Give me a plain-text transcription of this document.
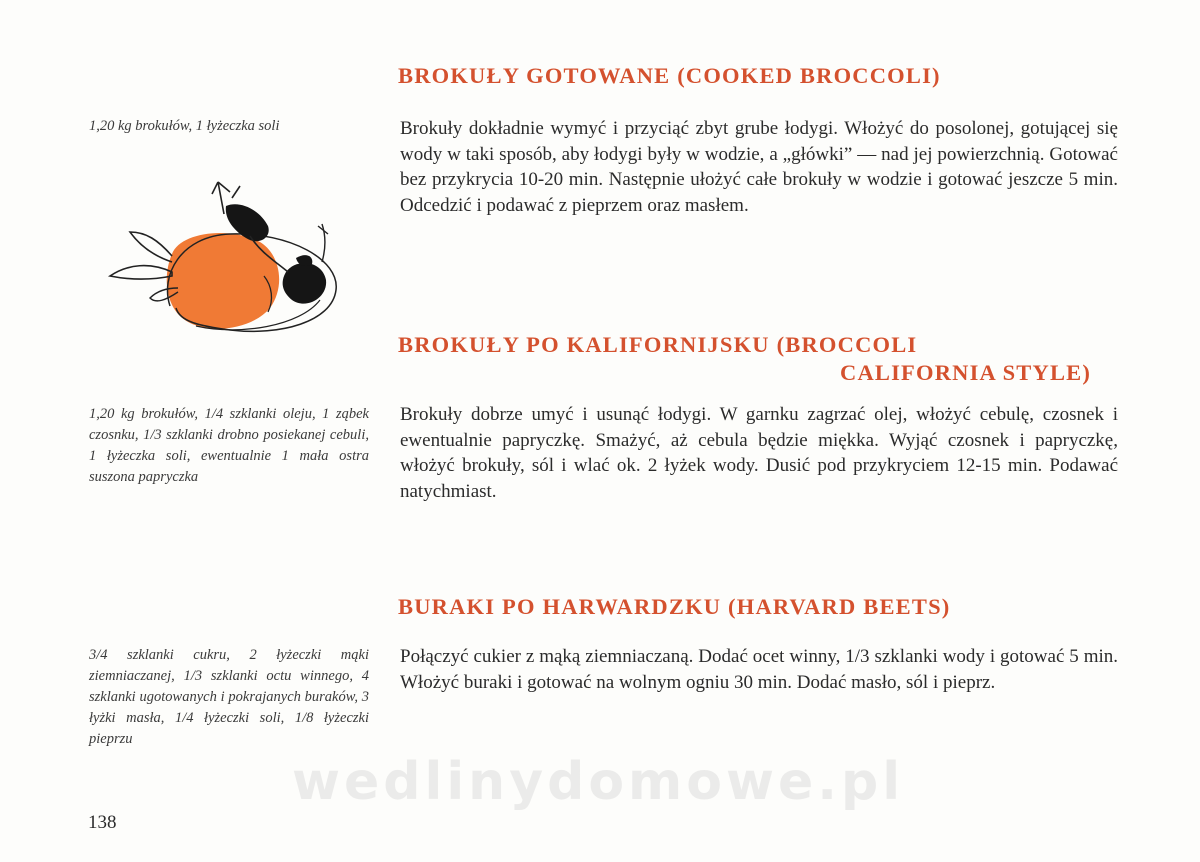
BROKUŁY GOTOWANE (COOKED BROCCOLI)

1,20 kg brokułów, 1 łyżeczka soli	Brokuły dokładnie wymyć i przyciąć zbyt grube łodygi. Włożyć do posolonej, gotującej się wody w taki sposób, aby łodygi były w wodzie, a „główki” — nad jej powierzchnią. Gotować bez przykrycia 10-20 min. Następnie ułożyć całe brokuły w wodzie i gotować jeszcze 5 min. Odcedzić i podawać z pieprzem oraz masłem.

BROKUŁY PO KALIFORNIJSKU (BROCCOLI
CALIFORNIA STYLE)

1,20 kg brokułów, 1/4 szklanki oleju, 1 ząbek czosnku, 1/3 szklanki drobno posiekanej cebuli, 1 łyżeczka soli, ewentualnie 1 mała ostra suszona papryczka

Brokuły dobrze umyć i usunąć łodygi. W garnku zagrzać olej, włożyć cebulę, czosnek i ewentualnie papryczkę. Smażyć, aż cebula będzie miękka. Wyjąć czosnek i papryczkę, włożyć brokuły, sól i wlać ok. 2 łyżek wody. Dusić pod przykryciem 12-15 min. Podawać natychmiast.

BURAKI PO HARWARDZKU (HARVARD BEETS)

3/4 szklanki cukru, 2 łyżeczki mąki ziemniaczanej, 1/3 szklanki octu winnego, 4 szklanki ugotowanych i pokrajanych buraków, 3 łyżki masła, 1/4 łyżeczki soli, 1/8 łyżeczki pieprzu

Połączyć cukier z mąką ziemniaczaną. Dodać ocet winny, 1/3 szklanki wody i gotować 5 min. Włożyć buraki i gotować na wolnym ogniu 30 min. Dodać masło, sól i pieprz.

wedlinydomowe.pl
138
